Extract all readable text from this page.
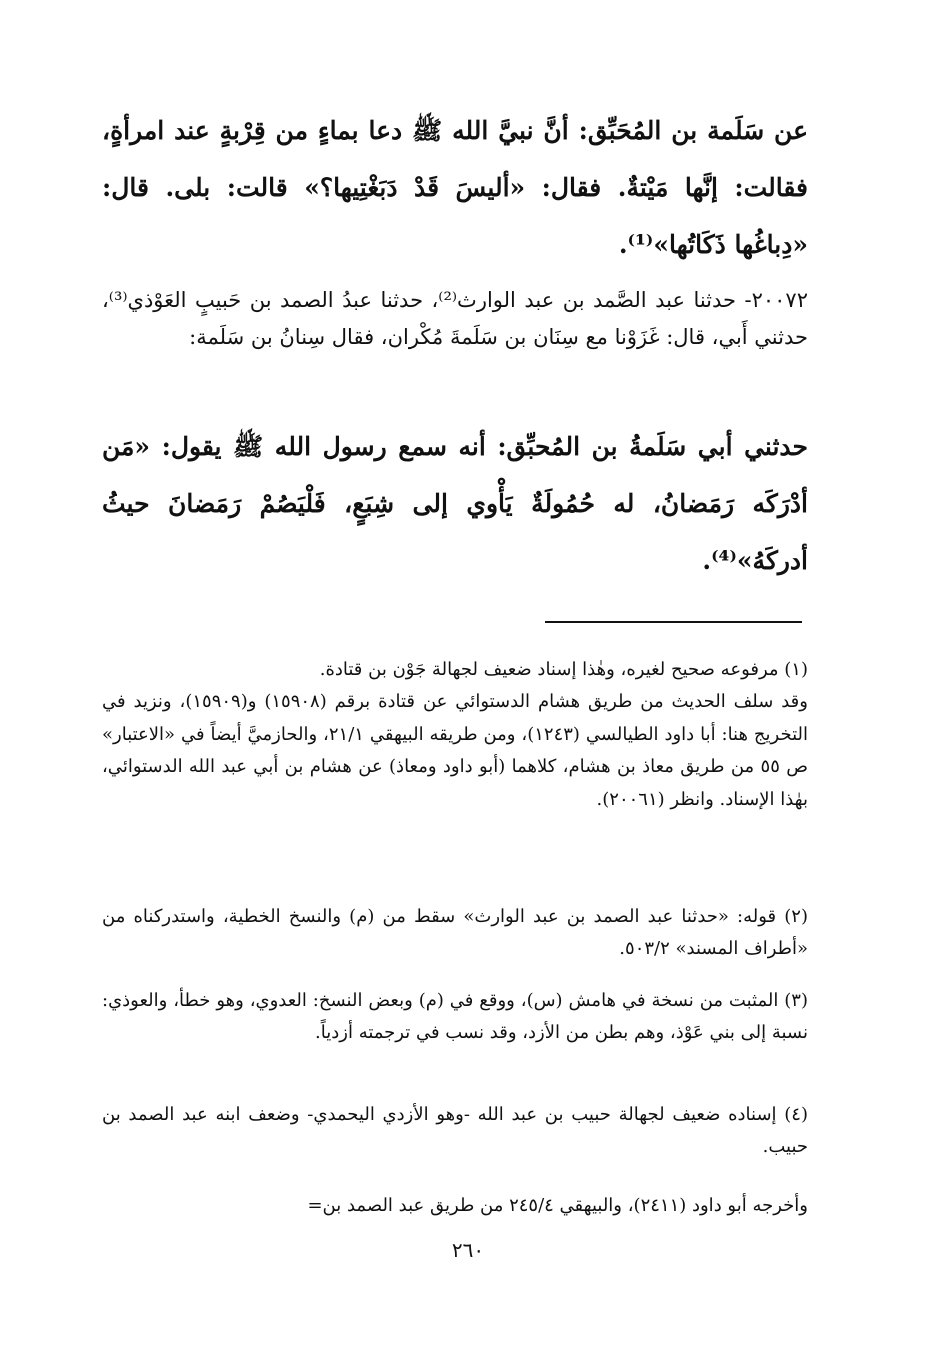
عن سَلَمة بن المُحَبِّق: أنَّ نبيَّ الله ﷺ دعا بماءٍ من قِرْبةٍ عند امرأةٍ، فقالت: إنَّها مَيْتةٌ. فقال: «أليسَ قَدْ دَبَغْتِيها؟» قالت: بلى. قال: «دِباغُها ذَكَاتُها»⁽¹⁾.

٢٠٠٧٢- حدثنا عبد الصَّمد بن عبد الوارث⁽²⁾، حدثنا عبدُ الصمد بن حَبيبٍ العَوْذي⁽³⁾، حدثني أَبي، قال: غَزَوْنا مع سِنَان بن سَلَمةَ مُكْران، فقال سِنانُ بن سَلَمة:

حدثني أبي سَلَمةُ بن المُحبِّق: أنه سمع رسول الله ﷺ يقول: «مَن أدْرَكَه رَمَضانُ، له حُمُولَةٌ يَأْوي إلى شِبَعٍ، فَلْيَصُمْ رَمَضانَ حيثُ أدركَهُ»⁽⁴⁾.

(١) مرفوعه صحيح لغيره، وهٰذا إسناد ضعيف لجهالة جَوْن بن قتادة.
وقد سلف الحديث من طريق هشام الدستوائي عن قتادة برقم (١٥٩٠٨) و(١٥٩٠٩)، ونزيد في التخريج هنا: أبا داود الطيالسي (١٢٤٣)، ومن طريقه البيهقي ٢١/١، والحازميَّ أيضاً في «الاعتبار» ص ٥٥ من طريق معاذ بن هشام، كلاهما (أبو داود ومعاذ) عن هشام بن أبي عبد الله الدستوائي، بهٰذا الإسناد. وانظر (٢٠٠٦١).

(٢) قوله: «حدثنا عبد الصمد بن عبد الوارث» سقط من (م) والنسخ الخطية، واستدركناه من «أطراف المسند» ٥٠٣/٢.

(٣) المثبت من نسخة في هامش (س)، ووقع في (م) وبعض النسخ: العدوي، وهو خطأ، والعوذي: نسبة إلى بني عَوْذ، وهم بطن من الأزد، وقد نسب في ترجمته أزدياً.

(٤) إسناده ضعيف لجهالة حبيب بن عبد الله -وهو الأزدي اليحمدي- وضعف ابنه عبد الصمد بن حبيب.

وأخرجه أبو داود (٢٤١١)، والبيهقي ٢٤٥/٤ من طريق عبد الصمد بن=

٢٦٠
